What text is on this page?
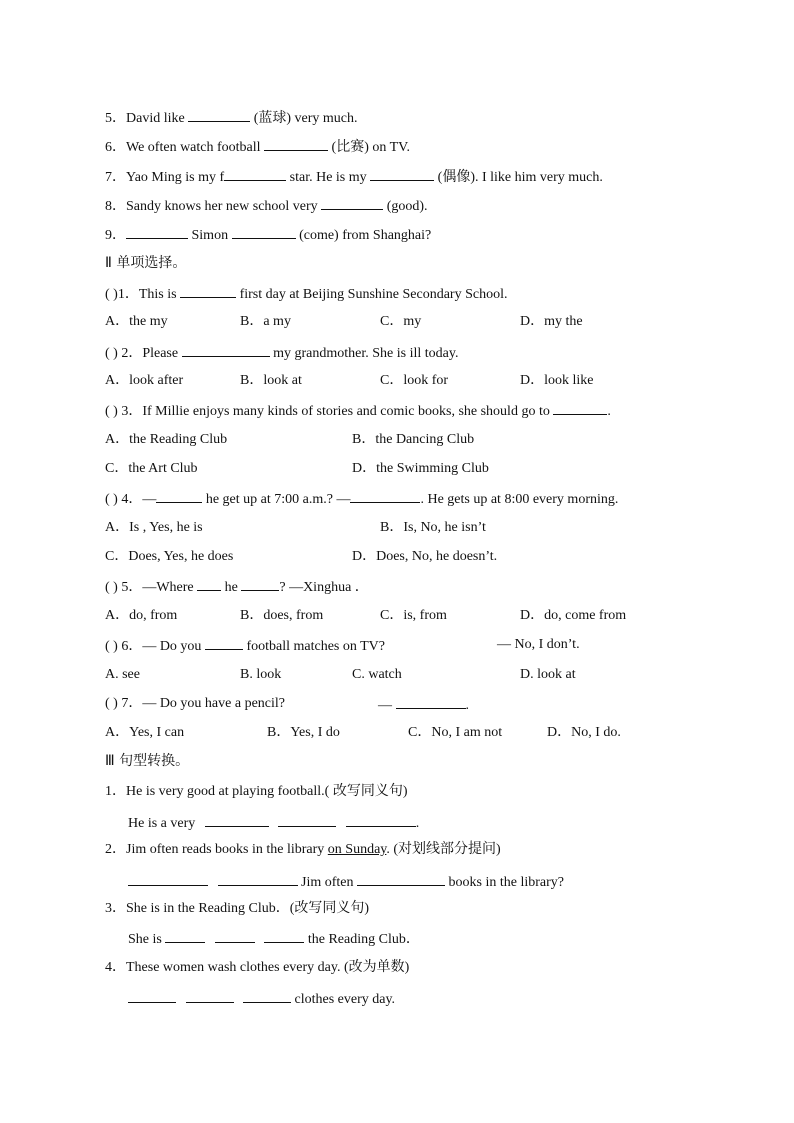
5．David like	(蓝球) very much.
6．We often watch football	(比赛) on TV.
7．Yao Ming is my f	star. He is my	(偶像). I like him very much.
8．Sandy knows her new school very	(good).
9．	Simon	(come) from Shanghai?
Ⅱ 单项选择。
( )1．This is	first day at Beijing Sunshine Secondary School.
A．the my	B．a my	C．my	D．my the
( ) 2．Please	my grandmother. She is ill today.
A．look after	B．look at	C．look for	D．look like
( ) 3．If Millie enjoys many kinds of stories and comic books, she should go to	.
A．the Reading Club	B．the Dancing Club
C．the Art Club	D．the Swimming Club
( ) 4．—	he get up at 7:00 a.m.? —	. He gets up at 8:00 every morning.
A．Is , Yes, he is	B．Is, No, he isn’t
C．Does, Yes, he does	D．Does, No, he doesn’t.
( ) 5．—Where  he	? —Xinghua ．
A．do, from	B．does, from	C．is, from	D．do, come from
( ) 6．— Do you	football matches on TV?	— No, I don’t.
A. see	B. look	C. watch	D. look at
( ) 7．— Do you have a pencil?	—	.
A．Yes, I can	B．Yes, I do	C．No, I am not	D．No, I do.
Ⅲ 句型转换。
1．He is very good at playing football.( 改写同义句)
He is a very	.
2．Jim often reads books in the library on Sunday. (对划线部分提问)
Jim often	books in the library?
3．She is in the Reading Club．(改写同义句)
She is	the Reading Club．
4．These women wash clothes every day. (改为单数)
clothes every day.
